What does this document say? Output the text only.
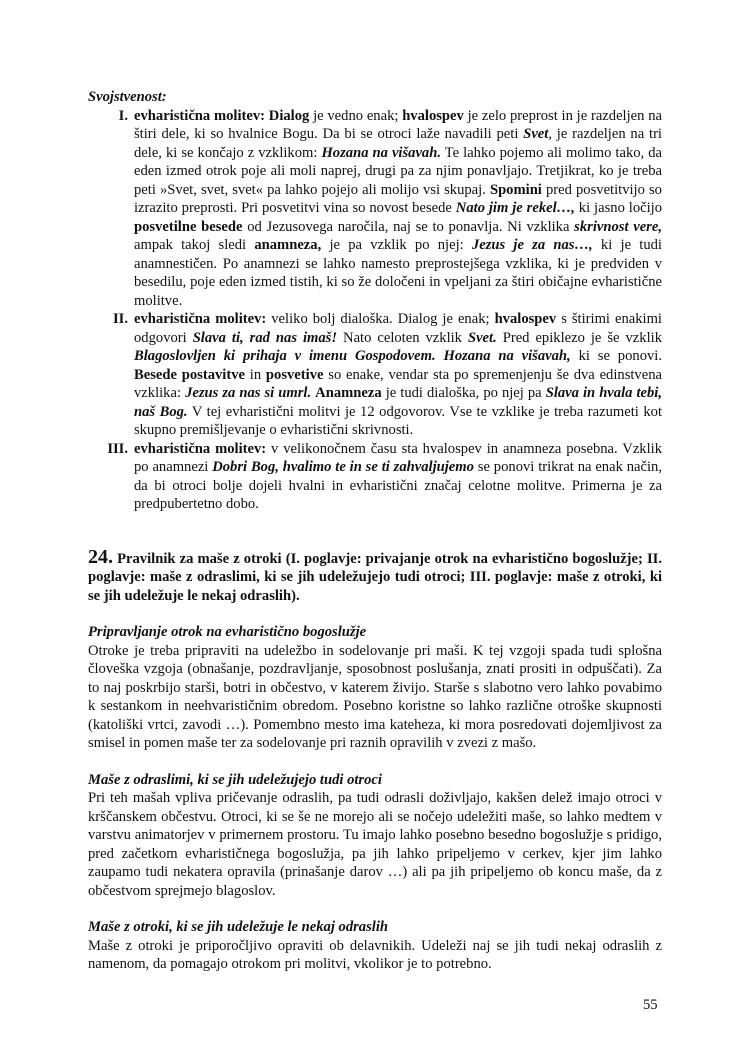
Svojstvenost:
I. evharistična molitev: Dialog je vedno enak; hvalospev je zelo preprost in je razdeljen na štiri dele, ki so hvalnice Bogu. Da bi se otroci laže navadili peti Svet, je razdeljen na tri dele, ki se končajo z vzklikom: Hozana na višavah. Te lahko pojemo ali molimo tako, da eden izmed otrok poje ali moli naprej, drugi pa za njim ponavljajo. Tretjikrat, ko je treba peti »Svet, svet, svet« pa lahko pojejo ali molijo vsi skupaj. Spomini pred posvetitvijo so izrazito preprosti. Pri posvetitvi vina so novost besede Nato jim je rekel…, ki jasno ločijo posvetilne besede od Jezusovega naročila, naj se to ponavlja. Ni vzklika skrivnost vere, ampak takoj sledi anamneza, je pa vzklik po njej: Jezus je za nas…, ki je tudi anamnestičen. Po anamnezi se lahko namesto preprostejšega vzklika, ki je predviden v besedilu, poje eden izmed tistih, ki so že določeni in vpeljani za štiri običajne evharistične molitve.
II. evharistična molitev: veliko bolj dialoška. Dialog je enak; hvalospev s štirimi enakimi odgovori Slava ti, rad nas imaš! Nato celoten vzklik Svet. Pred epiklezo je še vzklik Blagoslovljen ki prihaja v imenu Gospodovem. Hozana na višavah, ki se ponovi. Besede postavitve in posvetive so enake, vendar sta po spremenjenju še dva edinstvena vzklika: Jezus za nas si umrl. Anamneza je tudi dialoška, po njej pa Slava in hvala tebi, naš Bog. V tej evharistični molitvi je 12 odgovorov. Vse te vzklike je treba razumeti kot skupno premišljevanje o evharistični skrivnosti.
III. evharistična molitev: v velikonočnem času sta hvalospev in anamneza posebna. Vzklik po anamnezi Dobri Bog, hvalimo te in se ti zahvaljujemo se ponovi trikrat na enak način, da bi otroci bolje dojeli hvalni in evharistični značaj celotne molitve. Primerna je za predpubertetno dobo.
24. Pravilnik za maše z otroki (I. poglavje: privajanje otrok na evharistično bogoslužje; II. poglavje: maše z odraslimi, ki se jih udeležujejo tudi otroci; III. poglavje: maše z otroki, ki se jih udeležuje le nekaj odraslih).
Pripravljanje otrok na evharistično bogoslužje
Otroke je treba pripraviti na udeležbo in sodelovanje pri maši. K tej vzgoji spada tudi splošna človeška vzgoja (obnašanje, pozdravljanje, sposobnost poslušanja, znati prositi in odpuščati). Za to naj poskrbijo starši, botri in občestvo, v katerem živijo. Starše s slabotno vero lahko povabimo k sestankom in neehvarističnim obredom. Posebno koristne so lahko različne otroške skupnosti (katoliški vrtci, zavodi …). Pomembno mesto ima kateheza, ki mora posredovati dojemljivost za smisel in pomen maše ter za sodelovanje pri raznih opravilih v zvezi z mašo.
Maše z odraslimi, ki se jih udeležujejo tudi otroci
Pri teh mašah vpliva pričevanje odraslih, pa tudi odrasli doživljajo, kakšen delež imajo otroci v krščanskem občestvu. Otroci, ki se še ne morejo ali se nočejo udeležiti maše, so lahko medtem v varstvu animatorjev v primernem prostoru. Tu imajo lahko posebno besedno bogoslužje s pridigo, pred začetkom evharističnega bogoslužja, pa jih lahko pripeljemo v cerkev, kjer jim lahko zaupamo tudi nekatera opravila (prinašanje darov …) ali pa jih pripeljemo ob koncu maše, da z občestvom sprejmejo blagoslov.
Maše z otroki, ki se jih udeležuje le nekaj odraslih
Maše z otroki je priporočljivo opraviti ob delavnikih. Udeleži naj se jih tudi nekaj odraslih z namenom, da pomagajo otrokom pri molitvi, vkolikor je to potrebno.
55
